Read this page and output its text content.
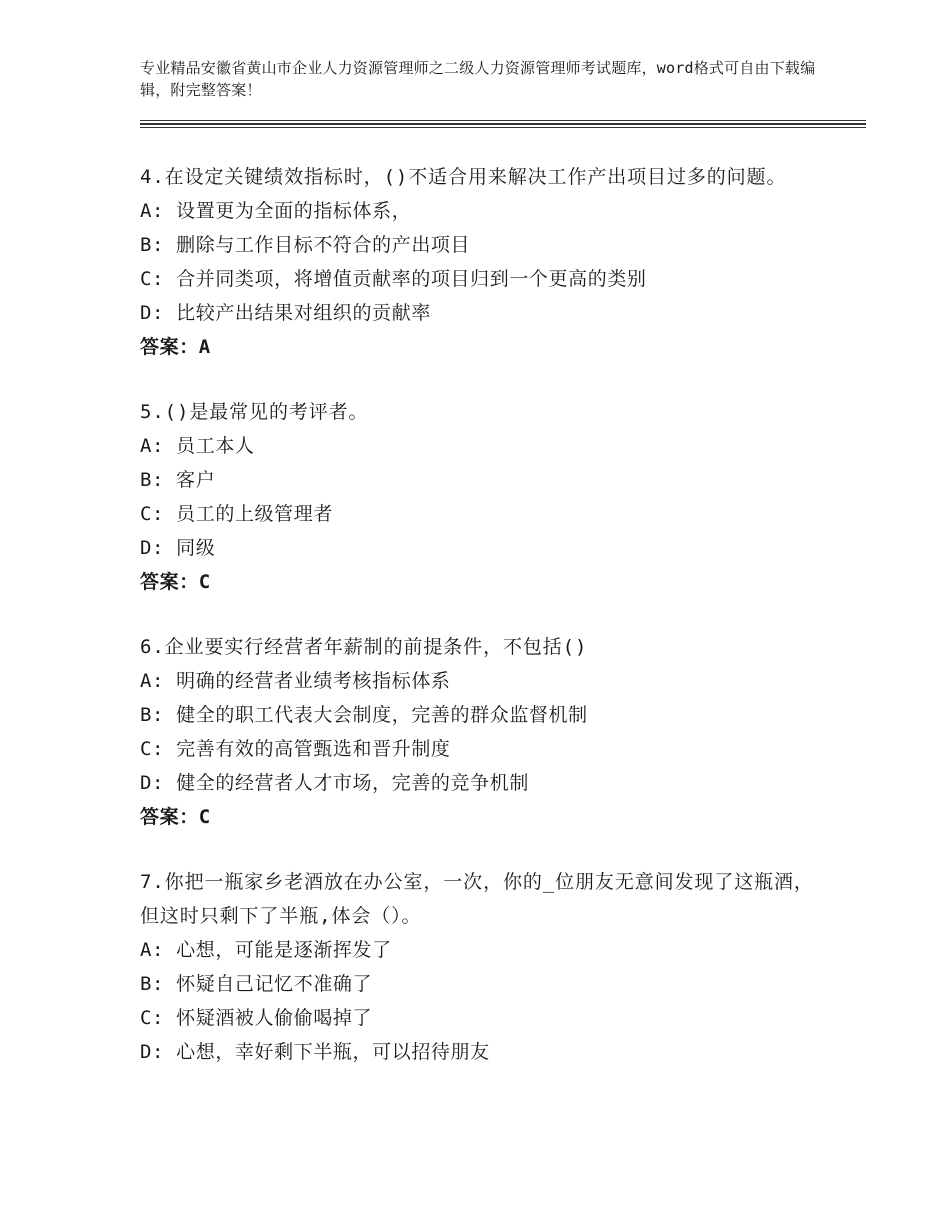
专业精品安徽省黄山市企业人力资源管理师之二级人力资源管理师考试题库，word格式可自由下载编辑，附完整答案！
4.在设定关键绩效指标时，()不适合用来解决工作产出项目过多的问题。
A: 设置更为全面的指标体系，
B: 删除与工作目标不符合的产出项目
C: 合并同类项，将增值贡献率的项目归到一个更高的类别
D: 比较产出结果对组织的贡献率
答案：A
5.()是最常见的考评者。
A: 员工本人
B: 客户
C: 员工的上级管理者
D: 同级
答案：C
6.企业要实行经营者年薪制的前提条件，不包括()
A: 明确的经营者业绩考核指标体系
B: 健全的职工代表大会制度，完善的群众监督机制
C: 完善有效的高管甄选和晋升制度
D: 健全的经营者人才市场，完善的竞争机制
答案：C
7.你把一瓶家乡老酒放在办公室，一次，你的_位朋友无意间发现了这瓶酒，但这时只剩下了半瓶,体会（）。
A: 心想，可能是逐渐挥发了
B: 怀疑自己记忆不准确了
C: 怀疑酒被人偷偷喝掉了
D: 心想，幸好剩下半瓶，可以招待朋友
